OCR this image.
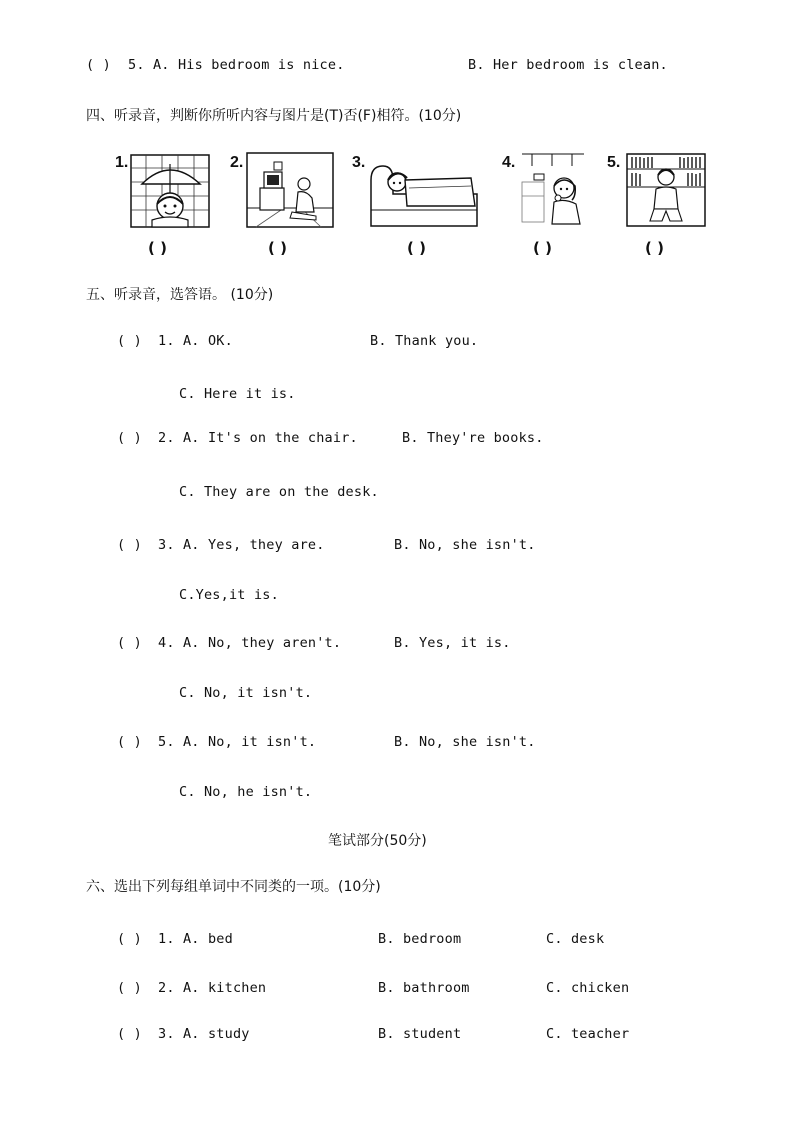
( ) 5. A. His bedroom is nice.	B. Her bedroom is clean.
四、听录音，判断你所听内容与图片是(T)否(F)相符。(10分)
1.
( )
2.
( )
3.
( )
4.
( )
5.
( )
五、听录音，选答语。 (10分)
( ) 1. A. OK.	B. Thank you.
C. Here it is.
( ) 2. A. It's on the chair.	B. They're books.
C. They are on the desk.
( ) 3. A. Yes, they are.	B. No, she isn't.
C.Yes,it is.
( ) 4. A. No, they aren't.	B. Yes, it is.
C. No, it isn't.
( ) 5. A. No, it isn't.	B. No, she isn't.
C. No, he isn't.
笔试部分(50分)
六、选出下列每组单词中不同类的一项。(10分)
( ) 1. A. bed	B. bedroom	C. desk
( ) 2. A. kitchen	B. bathroom	C. chicken
( ) 3. A. study	B. student	C. teacher
